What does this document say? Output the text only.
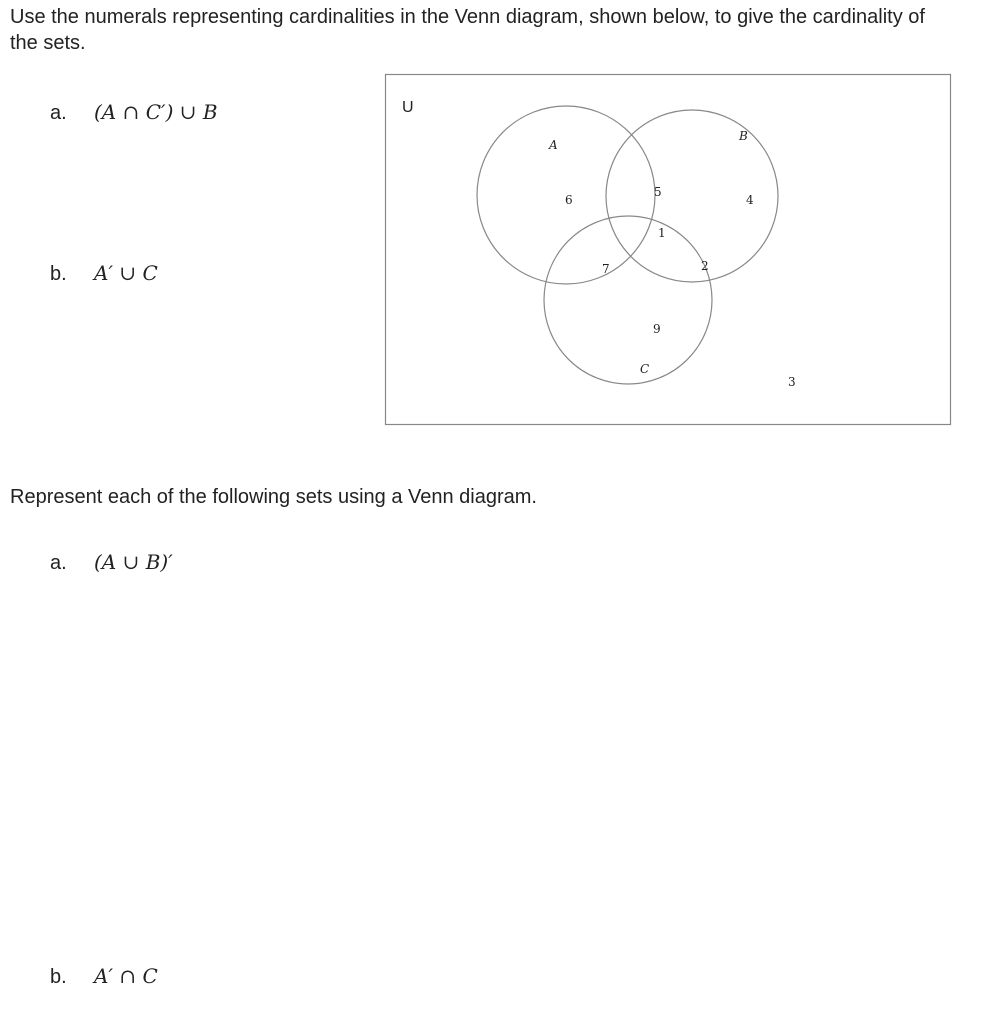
Use the numerals representing cardinalities in the Venn diagram, shown below, to give the cardinality of the sets.

a.	(A ∩ C′) ∪ B
b.	A′ ∪ C
U
A
B
C
6
5
1
4
7	2
9
3

Represent each of the following sets using a Venn diagram.

a.	(A ∪ B)′
b.	A′ ∩ C
